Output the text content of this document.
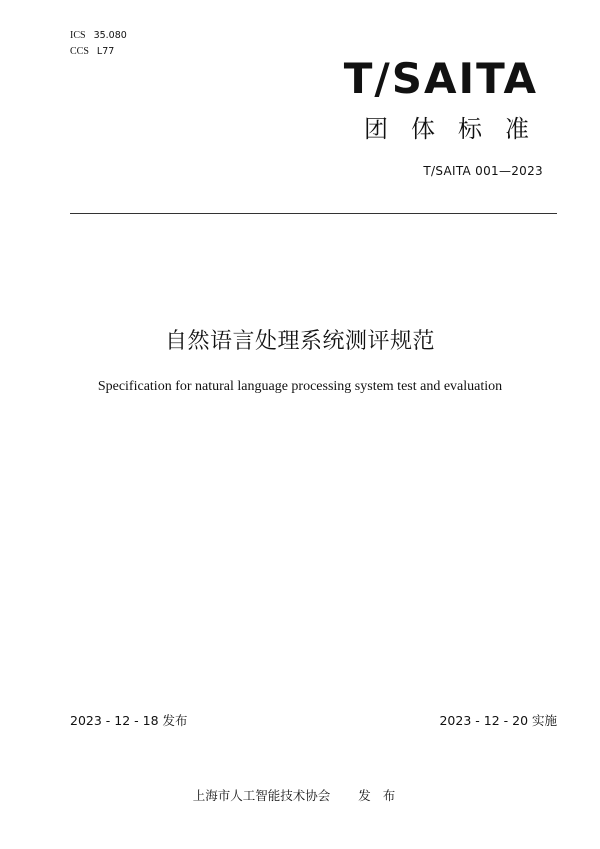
ICS 35.080
CCS L77
T/SAITA
团体标准
T/SAITA 001—2023
自然语言处理系统测评规范
Specification for natural language processing system test and evaluation
2023 - 12 - 18 发布	2023 - 12 - 20 实施
上海市人工智能技术协会 发布
